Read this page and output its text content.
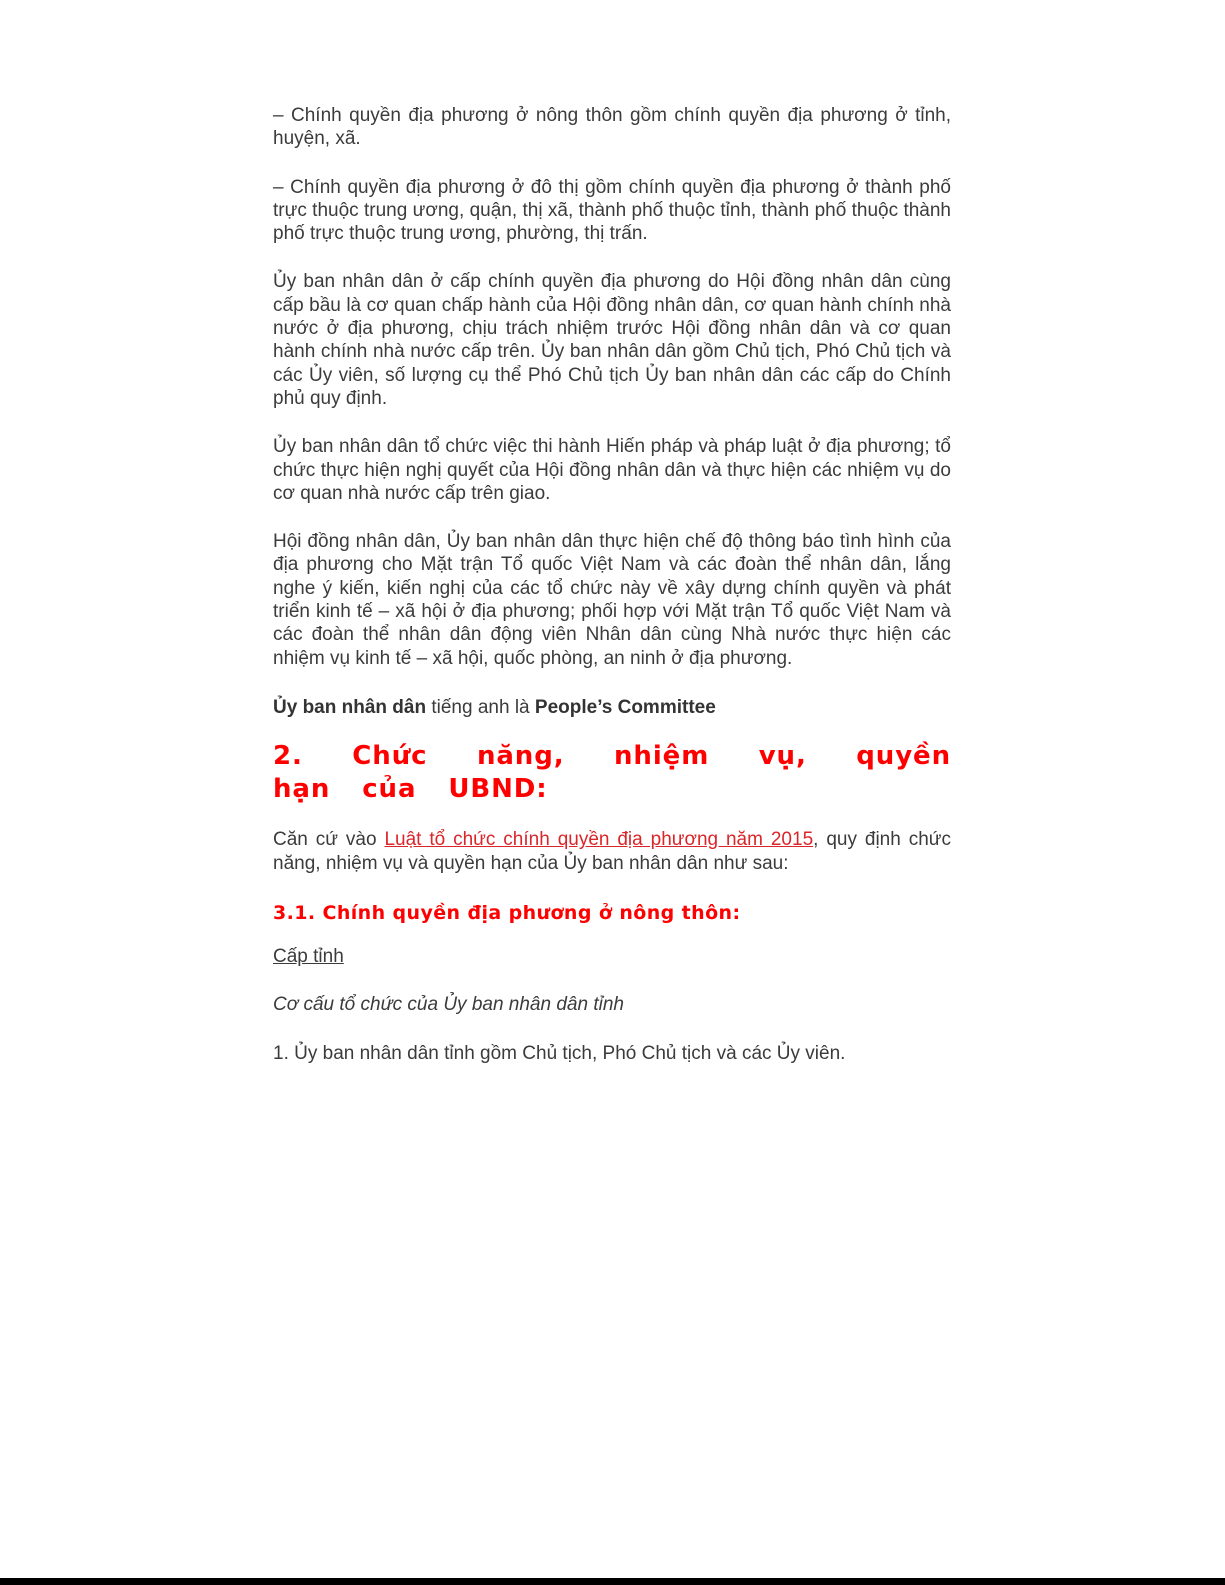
– Chính quyền địa phương ở nông thôn gồm chính quyền địa phương ở tỉnh, huyện, xã.

– Chính quyền địa phương ở đô thị gồm chính quyền địa phương ở thành phố trực thuộc trung ương, quận, thị xã, thành phố thuộc tỉnh, thành phố thuộc thành phố trực thuộc trung ương, phường, thị trấn.

Ủy ban nhân dân ở cấp chính quyền địa phương do Hội đồng nhân dân cùng cấp bầu là cơ quan chấp hành của Hội đồng nhân dân, cơ quan hành chính nhà nước ở địa phương, chịu trách nhiệm trước Hội đồng nhân dân và cơ quan hành chính nhà nước cấp trên. Ủy ban nhân dân gồm Chủ tịch, Phó Chủ tịch và các Ủy viên, số lượng cụ thể Phó Chủ tịch Ủy ban nhân dân các cấp do Chính phủ quy định.

Ủy ban nhân dân tổ chức việc thi hành Hiến pháp và pháp luật ở địa phương; tổ chức thực hiện nghị quyết của Hội đồng nhân dân và thực hiện các nhiệm vụ do cơ quan nhà nước cấp trên giao.

Hội đồng nhân dân, Ủy ban nhân dân thực hiện chế độ thông báo tình hình của địa phương cho Mặt trận Tổ quốc Việt Nam và các đoàn thể nhân dân, lắng nghe ý kiến, kiến nghị của các tổ chức này về xây dựng chính quyền và phát triển kinh tế – xã hội ở địa phương; phối hợp với Mặt trận Tổ quốc Việt Nam và các đoàn thể nhân dân động viên Nhân dân cùng Nhà nước thực hiện các nhiệm vụ kinh tế – xã hội, quốc phòng, an ninh ở địa phương.

Ủy ban nhân dân tiếng anh là People’s Committee

2. Chức năng, nhiệm vụ, quyền hạn của UBND:

Căn cứ vào Luật tổ chức chính quyền địa phương năm 2015, quy định chức năng, nhiệm vụ và quyền hạn của Ủy ban nhân dân như sau:

3.1. Chính quyền địa phương ở nông thôn:

Cấp tỉnh

Cơ cấu tổ chức của Ủy ban nhân dân tỉnh

1. Ủy ban nhân dân tỉnh gồm Chủ tịch, Phó Chủ tịch và các Ủy viên.
